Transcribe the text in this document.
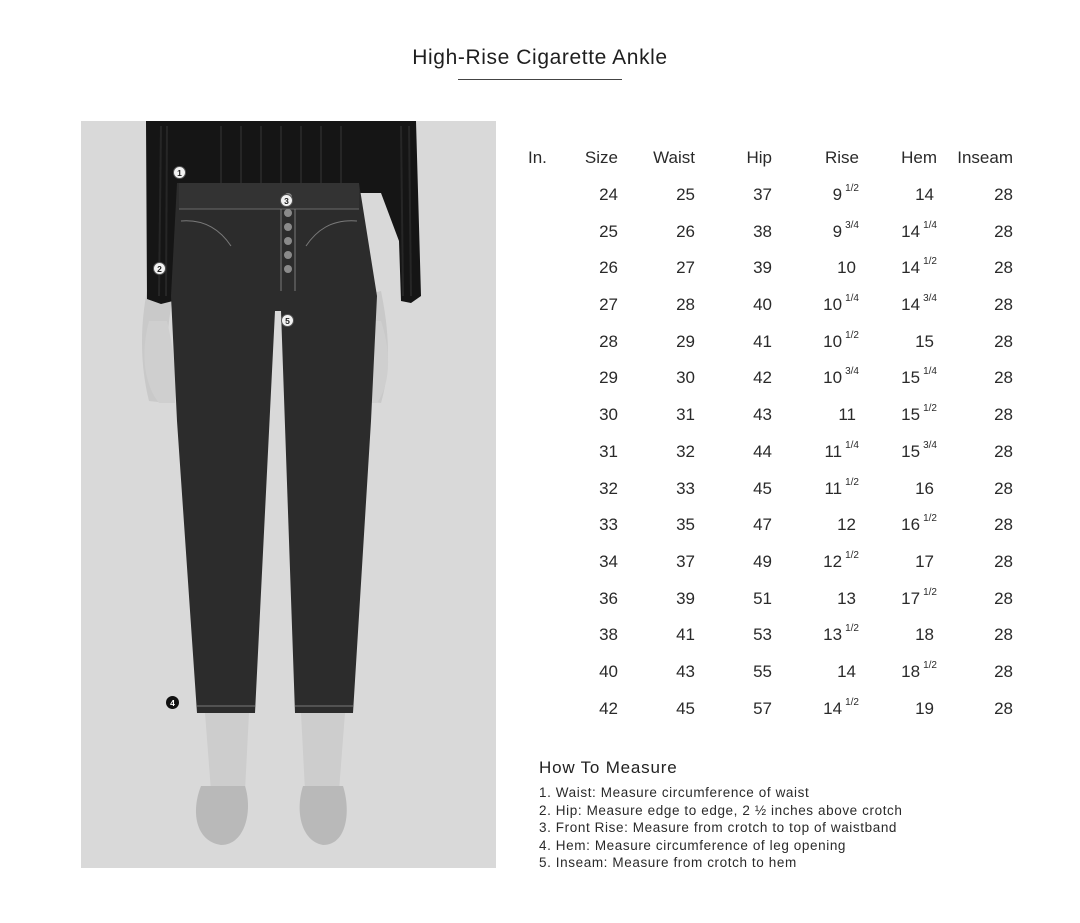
High-Rise Cigarette Ankle
1
2
3
4
5
In.	Size	Waist	Hip	Rise	Hem	Inseam
	24	25	37	9 $^{1/2}$	14	28
	25	26	38	9 $^{3/4}$	14 $^{1/4}$	28
	26	27	39	10	14 $^{1/2}$	28
	27	28	40	10 $^{1/4}$	14 $^{3/4}$	28
	28	29	41	10 $^{1/2}$	15	28
	29	30	42	10 $^{3/4}$	15 $^{1/4}$	28
	30	31	43	11	15 $^{1/2}$	28
	31	32	44	11 $^{1/4}$	15 $^{3/4}$	28
	32	33	45	11 $^{1/2}$	16	28
	33	35	47	12	16 $^{1/2}$	28
	34	37	49	12 $^{1/2}$	17	28
	36	39	51	13	17 $^{1/2}$	28
	38	41	53	13 $^{1/2}$	18	28
	40	43	55	14	18 $^{1/2}$	28
	42	45	57	14 $^{1/2}$	19	28
How To Measure
1. Waist: Measure circumference of waist
2. Hip: Measure edge to edge, 2 ½ inches above crotch
3. Front Rise: Measure from crotch to top of waistband
4. Hem: Measure circumference of leg opening
5. Inseam: Measure from crotch to hem
